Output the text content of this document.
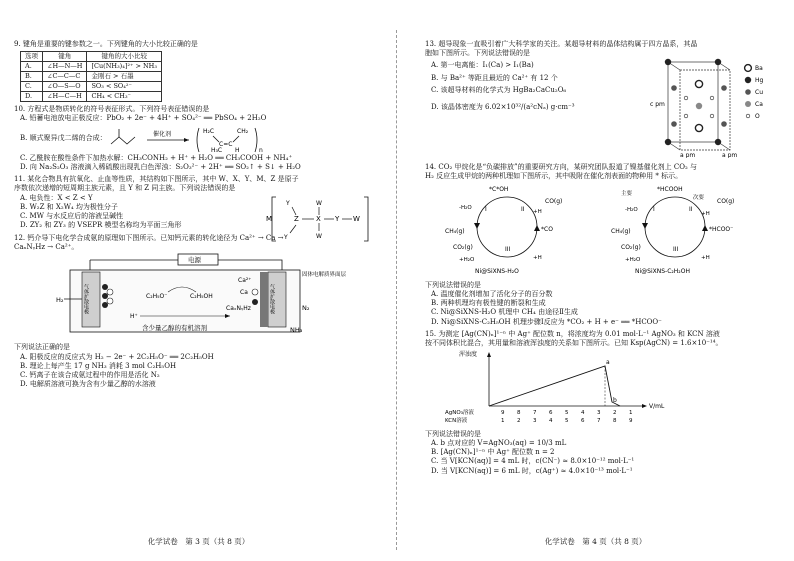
9. 键角是重要的键参数之一。下列键角的大小比较正确的是

选项	键角	键角的大小比较
A.	∠H—N—H	[Cu(NH₃)₄]²⁺ > NH₃
B.	∠C—C—C	金刚石 > 石墨
C.	∠O—S—O	SO₃ < SO₄²⁻
D.	∠H—C—H	CH₄ < CH₃⁻

10. 方程式是物质转化的符号表征形式。下列符号表征错误的是

A. 铅蓄电池放电正极反应：PbO₂ + 2e⁻ + 4H⁺ + SO₄²⁻ ══ PbSO₄ + 2H₂O

B. 顺式聚异戊二烯的合成：	催化剂	H₂C
C=C
CH₂
H₃C H	n

C. 乙酰胺在酸性条件下加热水解：CH₃CONH₂ + H⁺ + H₂O ══ CH₃COOH + NH₄⁺

D. 向 Na₂S₂O₃ 溶液滴入稀硫酸出现乳白色浑浊：S₂O₃²⁻ + 2H⁺ ══ SO₂↑ + S↓ + H₂O

11. 某化合物具有抗氧化、止血等性质，其结构如下图所示，其中 W、X、Y、M、Z 是原子

序数依次递增的短周期主族元素，且 Y 和 Z 同主族。下列说法错误的是

A. 电负性：X < Z < Y

B. W₂Z 和 X₂W₄ 均为极性分子

C. MW 与水反应后的溶液呈碱性

D. ZY₂ 和 ZY₃ 的 VSEPR 模型名称均为平面三角形

M
Y
Z X
W
W
Y W
Y

12. 钙介导下电化学合成氨的原理如下图所示。已知钙元素的转化途径为 Ca²⁺ → Ca →

CaₓNᵧHz → Ca²⁺。

电源
H₂	气体扩散电极	气体扩散电极
固体电解质界面层
N₂
NH₃
Ca²⁺
Ca
C₂H₅O⁻	C₂H₅OH
H⁺
CaₓNᵧHz
含少量乙醇的有机溶剂

下列说法正确的是

A. 阳极反应的反应式为 H₂ − 2e⁻ + 2C₂H₅O⁻ ══ 2C₂H₅OH

B. 理论上每产生 17 g NH₃ 消耗 3 mol C₂H₅OH

C. 钙离子在该合成氨过程中的作用是活化 N₂

D. 电解质溶液可换为含有少量乙醇的水溶液

化学试卷　第 3 页（共 8 页）

13. 超导现象一直吸引着广大科学家的关注。某超导材料的晶体结构属于四方晶系，其晶

胞如下图所示。下列说法错误的是

A. 第一电离能：I₁(Ca) > I₁(Ba)

B. 与 Ba²⁺ 等距且最近的 Ca²⁺ 有 12 个

C. 该超导材料的化学式为 HgBa₂CaCu₂O₆

D. 该晶体密度为 6.02×10³²/(a²cNₐ) g·cm⁻³	c pm
a pm	a pm
Ba
Hg
Cu
Ca
O

14. CO₂ 甲烷化是“负碳排放”的重要研究方向，某研究团队报道了镍基催化剂上 CO₂ 与

H₂ 反应生成甲烷的两种机理如下图所示，其中吸附在催化剂表面的物种用 * 标示。

*C*OH
CO(g)
*CO
CH₄(g)
CO₂(g)
Ni@SiXNS-H₂O
I	II
III
-H₂O
+H
+H₂O	+H
*HCOOH
主要
次要 CO(g)
*HCOO⁻
CH₄(g)
CO₂(g)
Ni@SiXNS-C₂H₂OH
I	II
III
-H₂O
+H
+H₂O	+H

下列说法错误的是

A. 温度催化剂增加了活化分子的百分数

B. 两种机理均有极性键的断裂和生成

C. Ni@SiXNS-H₂O 机理中 CH₄ 由途径Ⅱ生成

D. Ni@SiXNS-C₂H₅OH 机理步骤Ⅰ反应为 *CO₂ + H + e⁻ ══ *HCOO⁻

15. 为测定 [Ag(CN)ₙ]¹⁻ⁿ 中 Ag⁺ 配位数 n，将浓度均为 0.01 mol·L⁻¹ AgNO₃ 和 KCN 溶液

按不同体积比混合，其用量和溶液浑浊度的关系如下图所示。已知 Ksp(AgCN) = 1.6×10⁻¹⁴。

浑浊度
a
b
V/mL
AgNO₃溶液
KCN溶液
9 8 7 6 5 4 3 2 1
1 2 3 4 5 6 7 8 9

下列说法错误的是

A. b 点对应的 V=AgNO₃(aq) = 10/3 mL

B. [Ag(CN)ₙ]¹⁻ⁿ 中 Ag⁺ 配位数 n = 2

C. 当 V[KCN(aq)] = 4 mL 时，c(CN⁻) ≈ 8.0×10⁻¹² mol·L⁻¹

D. 当 V[KCN(aq)] = 6 mL 时，c(Ag⁺) ≈ 4.0×10⁻¹³ mol·L⁻¹

化学试卷　第 4 页（共 8 页）
